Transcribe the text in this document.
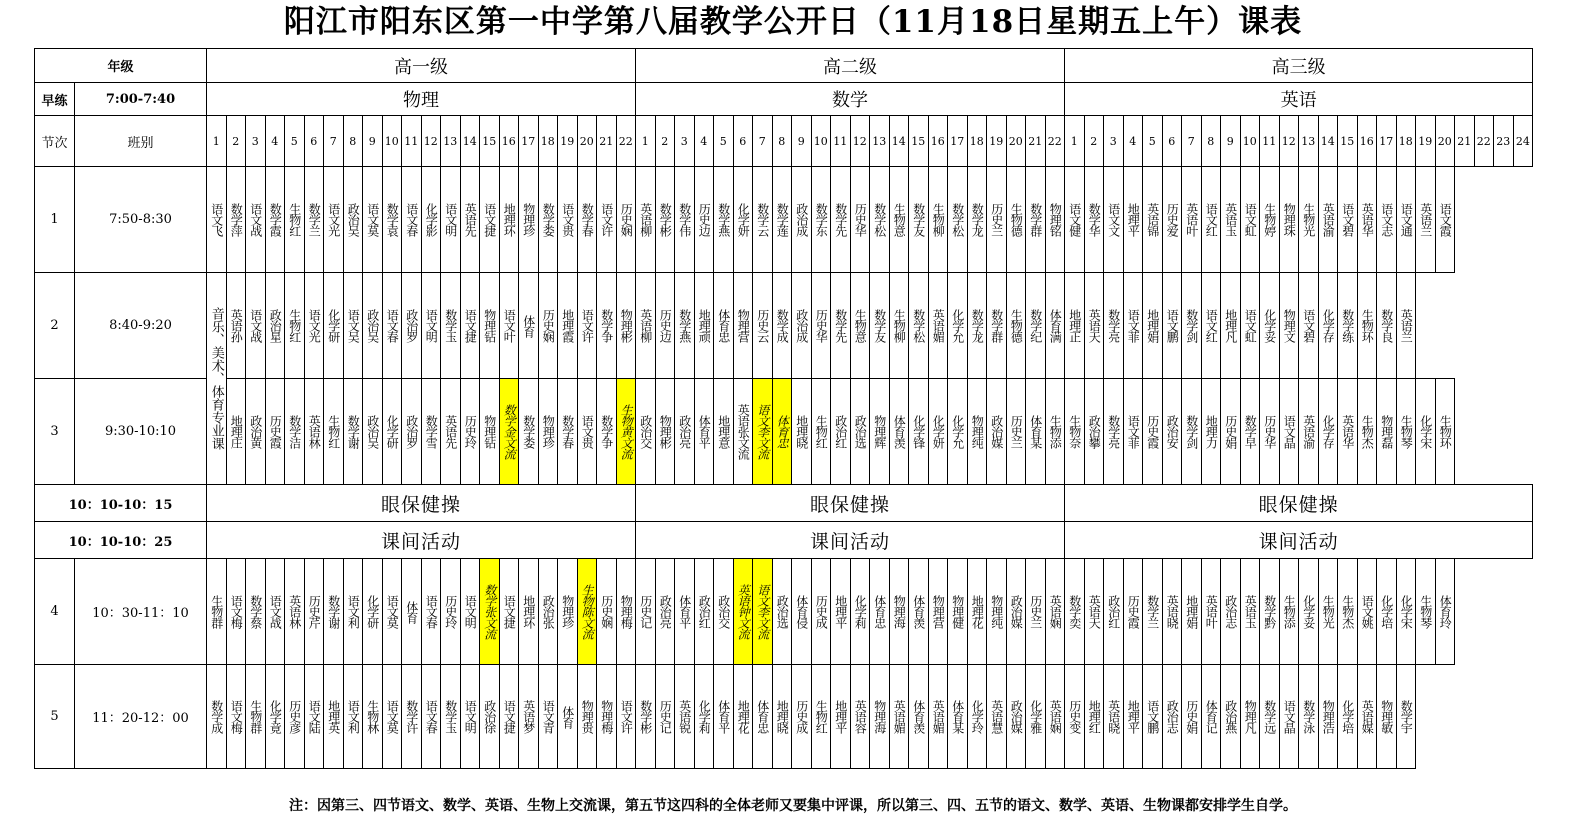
阳江市阳东区第一中学第八届教学公开日（11月18日星期五上午）课表
年级	高一级	高二级	高三级
早练	7:00-7:40	物理	数学	英语
节次	班别	1	2	3	4	5	6	7	8	9	10	11	12	13	14	15	16	17	18	19	20	21	22	1	2	3	4	5	6	7	8	9	10	11	12	13	14	15	16	17	18	19	20	21	22	1	2	3	4	5	6	7	8	9	10	11	12	13	14	15	16	17	18	19	20	21	22	23	24
1	7:50-8:30	语文飞	数学萍	语文战	数学霞	生物红	数学兰	语文光	政治吴	语文莫	数学袁	语文春	化学影	语文明	英语先	语文捷	地理环	物理珍	数学娄	语文贵	数学春	语文许	历史娴	英语柳	数学彬	数学伟	历史边	数学燕	化学妍	数学云	数学莲	政治成	数学东	数学先	历史华	数学松	生物意	数学友	生物柳	数学松	数学龙	历史兰	生物德	数学群	物理铭	语文健	数学华	语文文	地理平	英语锦	历史爱	英语叶	语文红	英语玉	语文虹	生物婷	物理珠	生物光	英语渝	语文碧	英语华	语文志	语文通	英语兰	语文霞
2	8:40-9:20	音乐、美术、体育专业课	英语孙	语文战	政治星	生物红	语文光	化学研	语文吴	政治吴	语文春	政治罗	语文明	数学玉	语文捷	物理钻	语文叶	体育	历史娴	地理霞	语文许	数学争	物理彬	英语柳	历史边	数学燕	地理顽	体育忠	物理营	历史云	数学成	政治成	历史华	数学先	生物意	数学友	生物柳	数学松	英语媚	化学允	数学龙	数学群	生物德	数学纪	体育满	地理正	英语天	数学亮	语文菲	地理娟	语文鹏	数学剑	语文红	地理凡	语文虹	化学妥	物理文	语文碧	化学存	数学练	生物环	数学良	英语兰
3	9:30-10:10	地理庄	政治黄	历史霞	数学洁	英语林	生物红	数学谢	政治吴	化学研	政治罗	数学雪	英语先	历史玲	物理钻	数学金文流	数学娄	物理珍	数学春	语文贵	数学争	生物黄文流	政治交	物理彬	政治亮	体育平	地理意	英语张文流	语文李文流	体育忠	地理晓	生物红	政治红	政治选	物理辉	体育羡	化学锋	化学妍	化学允	物理纯	政治媒	历史兰	体育某	生物添	生物奈	政治攀	数学亮	语文菲	历史霞	政治安	数学剑	地理力	历史娟	数学早	历史华	语文晶	英语渝	化学存	英语华	生物杰	物理磊	生物琴	化学宋	生物环
10：10-10：15	眼保健操	眼保健操	眼保健操
10：10-10：25	课间活动	课间活动	课间活动
4	10：30-11：10	生物群	语文梅	数学蔡	语文战	英语林	历史芹	数学谢	语文利	化学研	语文莫	体育	语文春	历史玲	语文明	数学张文流	语文捷	地理环	政治张	物理珍	生物陈文流	历史娴	物理梅	历史记	政治亮	体育平	政治红	政治交	英语钟文流	语文李文流	政治选	体育侵	历史成	地理平	化学莉	体育忠	物理海	体育羡	物理营	物理健	地理花	物理纯	政治媒	历史兰	英语娴	数学奕	英语天	政治红	历史霞	数学兰	英语晓	地理娟	英语叶	政治志	英语玉	数学黔	生物添	化学妥	生物光	生物杰	语文姚	化学培	化学宋	生物琴	体育玲
5	11：20-12：00	数学成	语文梅	生物群	化学竟	历史彦	语文陆	地理英	语文利	生物林	语文莫	数学许	语文春	数学玉	语文明	政治徐	语文捷	英语梦	语文青	体育	物理贵	物理梅	语文许	数学彬	历史记	英语锐	化学莉	体育平	地理花	体育忠	地理晓	历史成	生物红	地理平	英语容	物理海	英语媚	体育羡	英语媚	体育某	化学玲	英语慧	政治媒	化学雅	英语娴	历史变	地理红	英语晓	地理平	语文鹏	政治志	历史娟	体育记	政治燕	物理凡	数学远	语文晶	数学泳	物理浩	化学培	英语媒	物理敏	数学宇
注：因第三、四节语文、数学、英语、生物上交流课，第五节这四科的全体老师又要集中评课，所以第三、四、五节的语文、数学、英语、生物课都安排学生自学。
